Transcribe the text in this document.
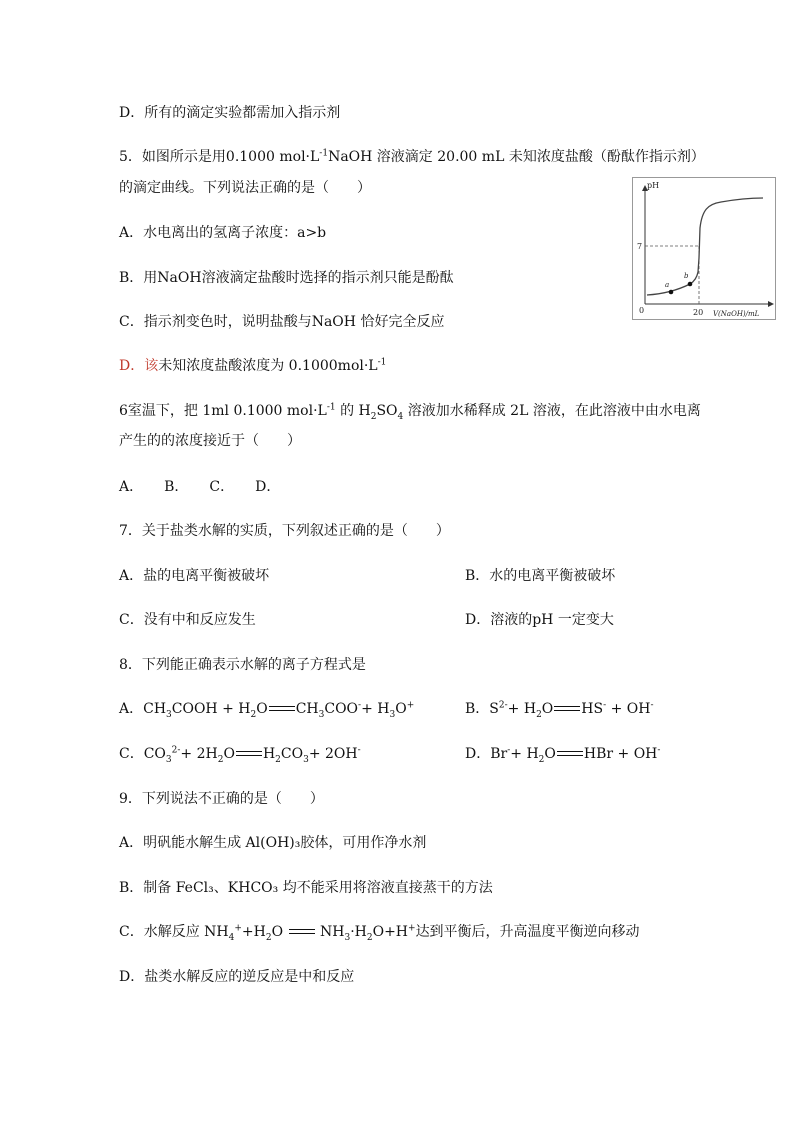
D．所有的滴定实验都需加入指示剂
5．如图所示是用0.1000 $mol\cdot L^{-1}NaOH$ 溶液滴定 20.00 mL 未知浓度盐酸（酚酞作指示剂）
的滴定曲线。下列说法正确的是（　　）
A．水电离出的氢离子浓度：a>b
B．用NaOH溶液滴定盐酸时选择的指示剂只能是酚酞
C．指示剂变色时，说明盐酸与NaOH 恰好完全反应
D．该未知浓度盐酸浓度为 $0.1000mol\cdot L^{-1}$
pH
7
a
b
0	20 V(NaOH)/mL
6室温下，把 1ml 0.1000 $mol\cdot L^{-1}$ 的 $H_2SO_4$ 溶液加水稀释成 2L 溶液，在此溶液中由水电离
产生的的浓度接近于（　　）
A．　　B．　　C．　　D．
7．关于盐类水解的实质，下列叙述正确的是（　　）
A．盐的电离平衡被破坏	B．水的电离平衡被破坏
C．没有中和反应发生	D．溶液的pH 一定变大
8．下列能正确表示水解的离子方程式是
A．$CH_3COOH + H_2O$ $CH_3COO^-+ H_3O^+$	B．$S^{2-}+ H_2O$ HS- + OH-
C．$CO_3^{2-}+ 2H_2O$ $H_2CO_3+ 2OH^-$	D．$Br^-+ H_2O$ HBr + OH-
9．下列说法不正确的是（　　）
A．明矾能水解生成 Al(OH)₃胶体，可用作净水剂
B．制备 FeCl₃、KHCO₃ 均不能采用将溶液直接蒸干的方法
C．水解反应 $NH_4^++H_2O$  $NH_3\cdot H_2O+H^+$达到平衡后，升高温度平衡逆向移动
D．盐类水解反应的逆反应是中和反应
